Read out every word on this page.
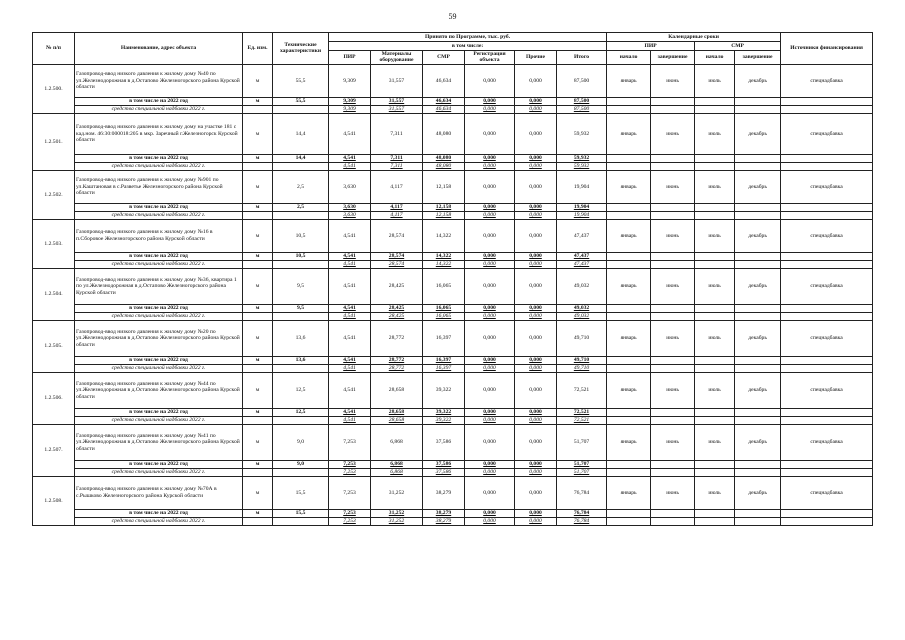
59
№ п/п	Наименование, адрес объекта	Ед. изм.	Технические характеристики	Принято по Программе, тыс. руб.						Календарные сроки				Источники финансирования
				в том числе:						ПИР		СМР		
				ПИР	Материалы оборудование	СМР	Регистрация объекта	Прочие	Итого	начало	завершение	начало	завершение	
1.2.500.	Газопровод-ввод низкого давления к жилому дому №40 по ул.Железнодорожная в д.Остапово Железногорского района Курской области	м	55,5	9,309	31,557	46,634	0,000	0,000	87,500	январь	июнь	июль	декабрь	спецнадбавка
	в том числе на 2022 год	м	55,5	9,309	31,557	46,634	0,000	0,000	87,500					
	средства специальной надбавки 2022 г.			9,309	31,557	46,634	0,000	0,000	87,500					
1.2.501.	Газопровод-ввод низкого давления к жилому дому на участке 181 с кад.ном. 46:30:000018:205 в мкр. Заречный г.Железногорск Курской области	м	14,4	4,541	7,311	48,080	0,000	0,000	59,932	январь	июнь	июль	декабрь	спецнадбавка
	в том числе на 2022 год	м	14,4	4,541	7,311	48,080	0,000	0,000	59,932					
	средства специальной надбавки 2022 г.			4,541	7,311	48,080	0,000	0,000	59,932					
1.2.502.	Газопровод-ввод низкого давления к жилому дому №901 по ул.Каштановая в с.Разветье Железногорского района Курской области	м	2,5	3,630	4,117	12,158	0,000	0,000	19,904	январь	июнь	июль	декабрь	спецнадбавка
	в том числе на 2022 год	м	2,5	3,630	4,117	12,158	0,000	0,000	19,904					
	средства специальной надбавки 2022 г.			3,630	4,117	12,158	0,000	0,000	19,904					
1.2.503.	Газопровод-ввод низкого давления к жилому дому №16 в п.Сборовое Железногорского района Курской области	м	10,5	4,541	28,574	14,322	0,000	0,000	47,437	январь	июнь	июль	декабрь	спецнадбавка
	в том числе на 2022 год	м	10,5	4,541	28,574	14,322	0,000	0,000	47,437					
	средства специальной надбавки 2022 г.			4,541	28,574	14,322	0,000	0,000	47,437					
1.2.504.	Газопровод-ввод низкого давления к жилому дому №36, квартира 1 по ул.Железнодорожная в д.Остапово Железногорского района Курской области	м	9,5	4,541	28,425	16,065	0,000	0,000	49,032	январь	июнь	июль	декабрь	спецнадбавка
	в том числе на 2022 год	м	9,5	4,541	28,425	16,065	0,000	0,000	49,032					
	средства специальной надбавки 2022 г.			4,541	28,425	16,065	0,000	0,000	49,032					
1.2.505.	Газопровод-ввод низкого давления к жилому дому №20 по ул.Железнодорожная в д.Остапово Железногорского района Курской области	м	13,6	4,541	28,772	16,397	0,000	0,000	49,710	январь	июнь	июль	декабрь	спецнадбавка
	в том числе на 2022 год	м	13,6	4,541	28,772	16,397	0,000	0,000	49,710					
	средства специальной надбавки 2022 г.			4,541	28,772	16,397	0,000	0,000	49,710					
1.2.506.	Газопровод-ввод низкого давления к жилому дому №44 по ул.Железнодорожная в д.Остапово Железногорского района Курской области	м	12,5	4,541	28,658	39,322	0,000	0,000	72,521	январь	июнь	июль	декабрь	спецнадбавка
	в том числе на 2022 год	м	12,5	4,541	28,658	39,322	0,000	0,000	72,521					
	средства специальной надбавки 2022 г.			4,541	28,658	39,322	0,000	0,000	72,521					
1.2.507.	Газопровод-ввод низкого давления к жилому дому №41 по ул.Железнодорожная в д.Остапово Железногорского района Курской области	м	9,0	7,253	6,868	37,586	0,000	0,000	51,707	январь	июнь	июль	декабрь	спецнадбавка
	в том числе на 2022 год	м	9,0	7,253	6,868	37,586	0,000	0,000	51,707					
	средства специальной надбавки 2022 г.			7,253	6,868	37,586	0,000	0,000	51,707					
1.2.508.	Газопровод-ввод низкого давления к жилому дому №70А в с.Рышково Железногорского района Курской области	м	15,5	7,253	31,252	38,279	0,000	0,000	76,784	январь	июнь	июль	декабрь	спецнадбавка
	в том числе на 2022 год	м	15,5	7,253	31,252	38,279	0,000	0,000	76,784					
	средства специальной надбавки 2022 г.			7,253	31,252	38,279	0,000	0,000	76,784					
